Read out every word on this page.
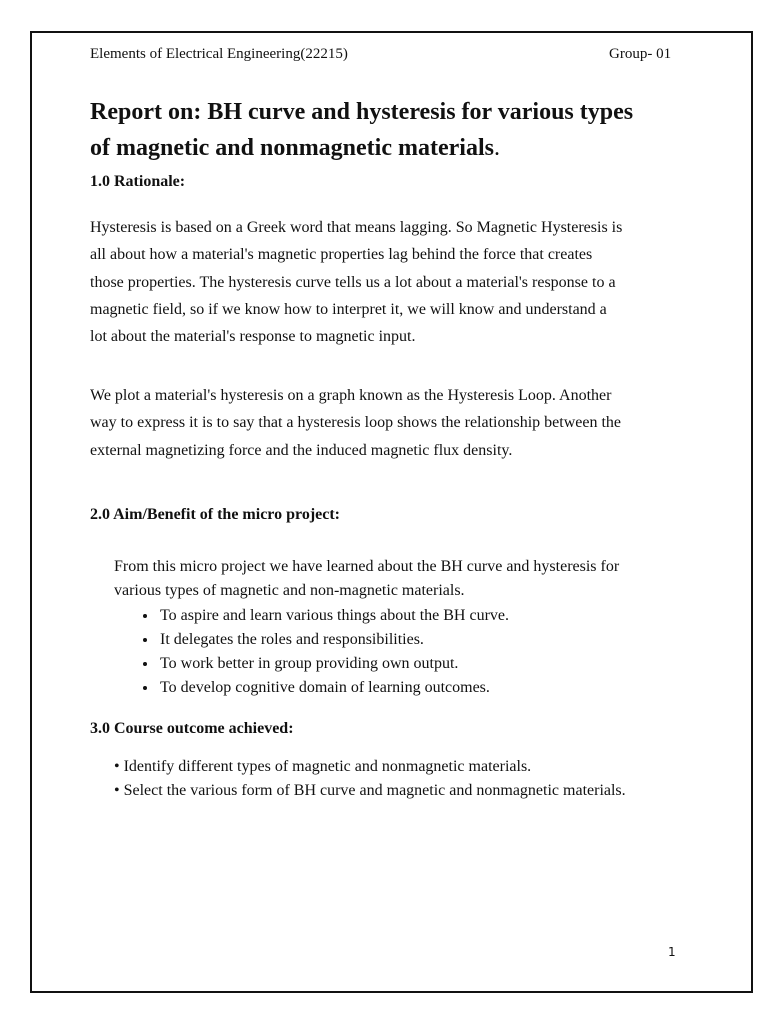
Elements of Electrical Engineering(22215)	Group- 01
Report on: BH curve and hysteresis for various types
of magnetic and nonmagnetic materials.
1.0 Rationale:
Hysteresis is based on a Greek word that means lagging. So Magnetic Hysteresis is
all about how a material's magnetic properties lag behind the force that creates
those properties. The hysteresis curve tells us a lot about a material's response to a
magnetic field, so if we know how to interpret it, we will know and understand a
lot about the material's response to magnetic input.
We plot a material's hysteresis on a graph known as the Hysteresis Loop. Another
way to express it is to say that a hysteresis loop shows the relationship between the
external magnetizing force and the induced magnetic flux density.
2.0 Aim/Benefit of the micro project:
From this micro project we have learned about the BH curve and hysteresis for
various types of magnetic and non-magnetic materials.
• To aspire and learn various things about the BH curve.
• It delegates the roles and responsibilities.
• To work better in group providing own output.
• To develop cognitive domain of learning outcomes.
3.0 Course outcome achieved:
• Identify different types of magnetic and nonmagnetic materials.
• Select the various form of BH curve and magnetic and nonmagnetic materials.
1
